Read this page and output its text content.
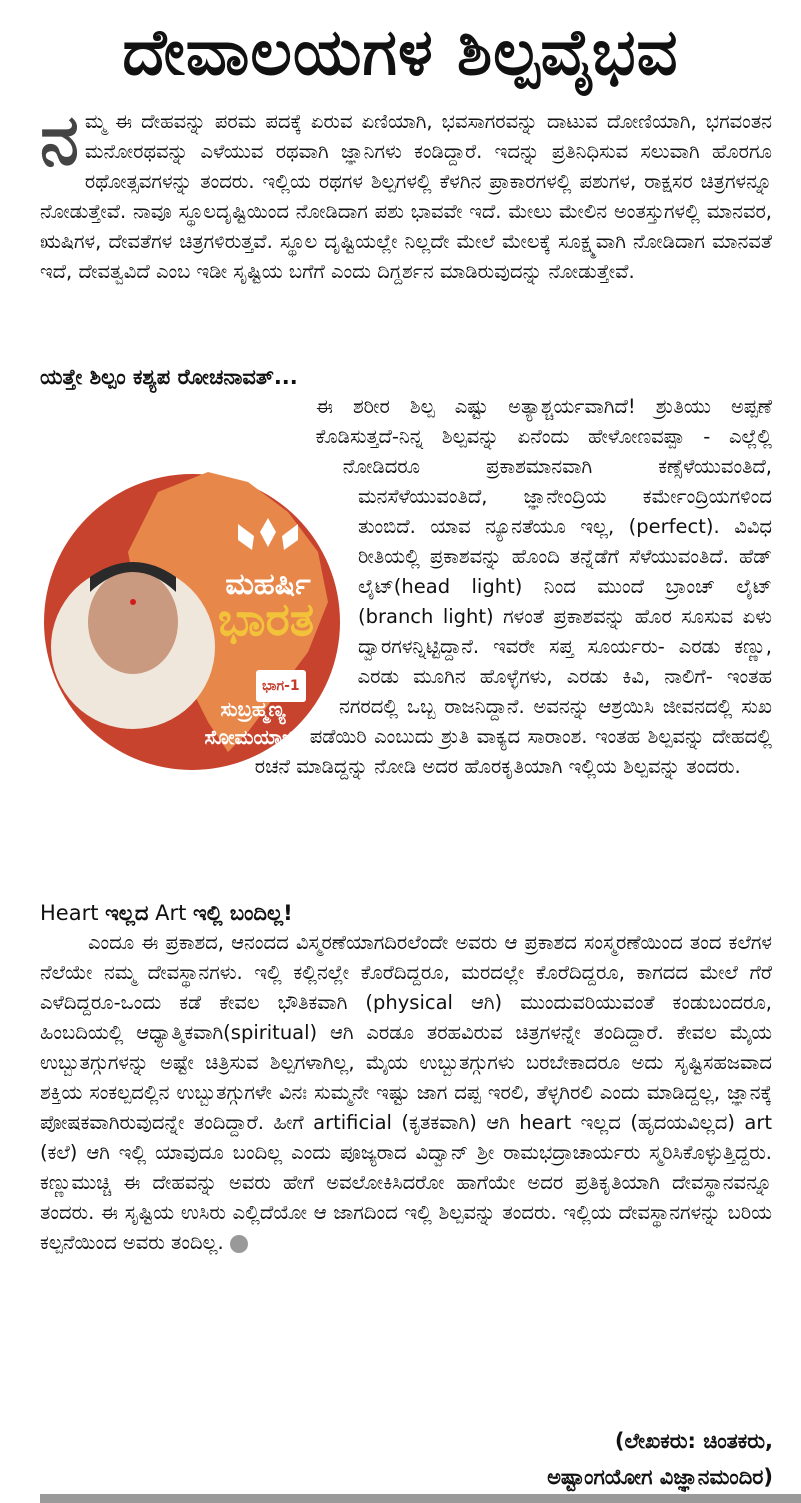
ದೇವಾಲಯಗಳ ಶಿಲ್ಪವೈಭವ

ನಮ್ಮ ಈ ದೇಹವನ್ನು ಪರಮ ಪದಕ್ಕೆ ಏರುವ ಏಣಿಯಾಗಿ, ಭವಸಾಗರವನ್ನು ದಾಟುವ ದೋಣಿಯಾಗಿ, ಭಗವಂತನ ಮನೋರಥವನ್ನು ಎಳೆಯುವ ರಥವಾಗಿ ಜ್ಞಾನಿಗಳು ಕಂಡಿದ್ದಾರೆ. ಇದನ್ನು ಪ್ರತಿನಿಧಿಸುವ ಸಲುವಾಗಿ ಹೊರಗೂ ರಥೋತ್ಸವಗಳನ್ನು ತಂದರು. ಇಲ್ಲಿಯ ರಥಗಳ ಶಿಲ್ಪಗಳಲ್ಲಿ ಕೆಳಗಿನ ಪ್ರಾಕಾರಗಳಲ್ಲಿ ಪಶುಗಳ, ರಾಕ್ಷಸರ ಚಿತ್ರಗಳನ್ನೂ ನೋಡುತ್ತೇವೆ. ನಾವೂ ಸ್ಥೂಲದೃಷ್ಟಿಯಿಂದ ನೋಡಿದಾಗ ಪಶು ಭಾವವೇ ಇದೆ. ಮೇಲು ಮೇಲಿನ ಅಂತಸ್ತುಗಳಲ್ಲಿ ಮಾನವರ, ಋಷಿಗಳ, ದೇವತೆಗಳ ಚಿತ್ರಗಳಿರುತ್ತವೆ. ಸ್ಥೂಲ ದೃಷ್ಟಿಯಲ್ಲೇ ನಿಲ್ಲದೇ ಮೇಲೆ ಮೇಲಕ್ಕೆ ಸೂಕ್ಷ್ಮವಾಗಿ ನೋಡಿದಾಗ ಮಾನವತೆ ಇದೆ, ದೇವತ್ವವಿದೆ ಎಂಬ ಇಡೀ ಸೃಷ್ಟಿಯ ಬಗೆಗೆ ಎಂದು ದಿಗ್ದರ್ಶನ ಮಾಡಿರುವುದನ್ನು ನೋಡುತ್ತೇವೆ.

ಯತ್ತೇ ಶಿಲ್ಪಂ ಕಶ್ಯಪ ರೋಚನಾವತ್...

ಮಹರ್ಷಿ
ಭಾರತ
ಭಾಗ-1
ಸುಬ್ರಹ್ಮಣ್ಯ
ಸೋಮಯಾಜಿ
ಈ ಶರೀರ ಶಿಲ್ಪ ಎಷ್ಟು ಅತ್ಯಾಶ್ಚರ್ಯವಾಗಿದೆ! ಶ್ರುತಿಯು ಅಪ್ಪಣೆ ಕೊಡಿಸುತ್ತದೆ-ನಿನ್ನ ಶಿಲ್ಪವನ್ನು ಏನೆಂದು ಹೇಳೋಣವಪ್ಪಾ - ಎಲ್ಲೆಲ್ಲಿ ನೋಡಿದರೂ ಪ್ರಕಾಶಮಾನವಾಗಿ ಕಣ್ಸೆಳೆಯುವಂತಿದೆ, ಮನಸೆಳೆಯುವಂತಿದೆ, ಜ್ಞಾನೇಂದ್ರಿಯ ಕರ್ಮೇಂದ್ರಿಯಗಳಿಂದ ತುಂಬಿದೆ. ಯಾವ ನ್ಯೂನತೆಯೂ ಇಲ್ಲ, (perfect). ವಿವಿಧ ರೀತಿಯಲ್ಲಿ ಪ್ರಕಾಶವನ್ನು ಹೊಂದಿ ತನ್ನೆಡೆಗೆ ಸೆಳೆಯುವಂತಿದೆ. ಹೆಡ್ ಲೈಟ್(head light) ನಿಂದ ಮುಂದೆ ಬ್ರಾಂಚ್ ಲೈಟ್ (branch light) ಗಳಂತೆ ಪ್ರಕಾಶವನ್ನು ಹೊರ ಸೂಸುವ ಏಳು ದ್ವಾರಗಳನ್ನಿಟ್ಟಿದ್ದಾನೆ. ಇವರೇ ಸಪ್ತ ಸೂರ್ಯರು- ಎರಡು ಕಣ್ಣು, ಎರಡು ಮೂಗಿನ ಹೊಳ್ಳೆಗಳು, ಎರಡು ಕಿವಿ, ನಾಲಿಗೆ- ಇಂತಹ ನಗರದಲ್ಲಿ ಒಬ್ಬ ರಾಜನಿದ್ದಾನೆ. ಅವನನ್ನು ಆಶ್ರಯಿಸಿ ಜೀವನದಲ್ಲಿ ಸುಖ ಪಡೆಯಿರಿ ಎಂಬುದು ಶ್ರುತಿ ವಾಕ್ಯದ ಸಾರಾಂಶ. ಇಂತಹ ಶಿಲ್ಪವನ್ನು ದೇಹದಲ್ಲಿ ರಚನೆ ಮಾಡಿದ್ದನ್ನು ನೋಡಿ ಅದರ ಹೊರಕೃತಿಯಾಗಿ ಇಲ್ಲಿಯ ಶಿಲ್ಪವನ್ನು ತಂದರು.

Heart ಇಲ್ಲದ Art ಇಲ್ಲಿ ಬಂದಿಲ್ಲ!

ಎಂದೂ ಈ ಪ್ರಕಾಶದ, ಆನಂದದ ವಿಸ್ಮರಣೆಯಾಗದಿರಲೆಂದೇ ಅವರು ಆ ಪ್ರಕಾಶದ ಸಂಸ್ಮರಣೆಯಿಂದ ತಂದ ಕಲೆಗಳ ನೆಲೆಯೇ ನಮ್ಮ ದೇವಸ್ಥಾನಗಳು. ಇಲ್ಲಿ ಕಲ್ಲಿನಲ್ಲೇ ಕೊರೆದಿದ್ದರೂ, ಮರದಲ್ಲೇ ಕೊರೆದಿದ್ದರೂ, ಕಾಗದದ ಮೇಲೆ ಗೆರೆ ಎಳೆದಿದ್ದರೂ-ಒಂದು ಕಡೆ ಕೇವಲ ಭೌತಿಕವಾಗಿ (physical ಆಗಿ) ಮುಂದುವರಿಯುವಂತೆ ಕಂಡುಬಂದರೂ, ಹಿಂಬದಿಯಲ್ಲಿ ಆಧ್ಯಾತ್ಮಿಕವಾಗಿ(spiritual) ಆಗಿ ಎರಡೂ ತರಹವಿರುವ ಚಿತ್ರಗಳನ್ನೇ ತಂದಿದ್ದಾರೆ. ಕೇವಲ ಮೈಯ ಉಬ್ಬುತಗ್ಗುಗಳನ್ನು ಅಷ್ಟೇ ಚಿತ್ರಿಸುವ ಶಿಲ್ಪಗಳಾಗಿಲ್ಲ, ಮೈಯ ಉಬ್ಬುತಗ್ಗುಗಳು ಬರಬೇಕಾದರೂ ಅದು ಸೃಷ್ಟಿಸಹಜವಾದ ಶಕ್ತಿಯ ಸಂಕಲ್ಪದಲ್ಲಿನ ಉಬ್ಬುತಗ್ಗುಗಳೇ ವಿನಃ ಸುಮ್ಮನೇ ಇಷ್ಟು ಜಾಗ ದಪ್ಪ ಇರಲಿ, ತೆಳ್ಳಗಿರಲಿ ಎಂದು ಮಾಡಿದ್ದಲ್ಲ, ಜ್ಞಾನಕ್ಕೆ ಪೋಷಕವಾಗಿರುವುದನ್ನೇ ತಂದಿದ್ದಾರೆ. ಹೀಗೆ artificial (ಕೃತಕವಾಗಿ) ಆಗಿ heart ಇಲ್ಲದ (ಹೃದಯವಿಲ್ಲದ) art (ಕಲೆ) ಆಗಿ ಇಲ್ಲಿ ಯಾವುದೂ ಬಂದಿಲ್ಲ ಎಂದು ಪೂಜ್ಯರಾದ ವಿದ್ವಾನ್ ಶ್ರೀ ರಾಮಭದ್ರಾಚಾರ್ಯರು ಸ್ಮರಿಸಿಕೊಳ್ಳುತ್ತಿದ್ದರು. ಕಣ್ಣುಮುಚ್ಚಿ ಈ ದೇಹವನ್ನು ಅವರು ಹೇಗೆ ಅವಲೋಕಿಸಿದರೋ ಹಾಗೆಯೇ ಅದರ ಪ್ರತಿಕೃತಿಯಾಗಿ ದೇವಸ್ಥಾನವನ್ನೂ ತಂದರು. ಈ ಸೃಷ್ಟಿಯ ಉಸಿರು ಎಲ್ಲಿದೆಯೋ ಆ ಜಾಗದಿಂದ ಇಲ್ಲಿ ಶಿಲ್ಪವನ್ನು ತಂದರು. ಇಲ್ಲಿಯ ದೇವಸ್ಥಾನಗಳನ್ನು ಬರಿಯ ಕಲ್ಪನೆಯಿಂದ ಅವರು ತಂದಿಲ್ಲ.
(ಲೇಖಕರು: ಚಿಂತಕರು,
ಅಷ್ಟಾಂಗಯೋಗ ವಿಜ್ಞಾನಮಂದಿರ)
